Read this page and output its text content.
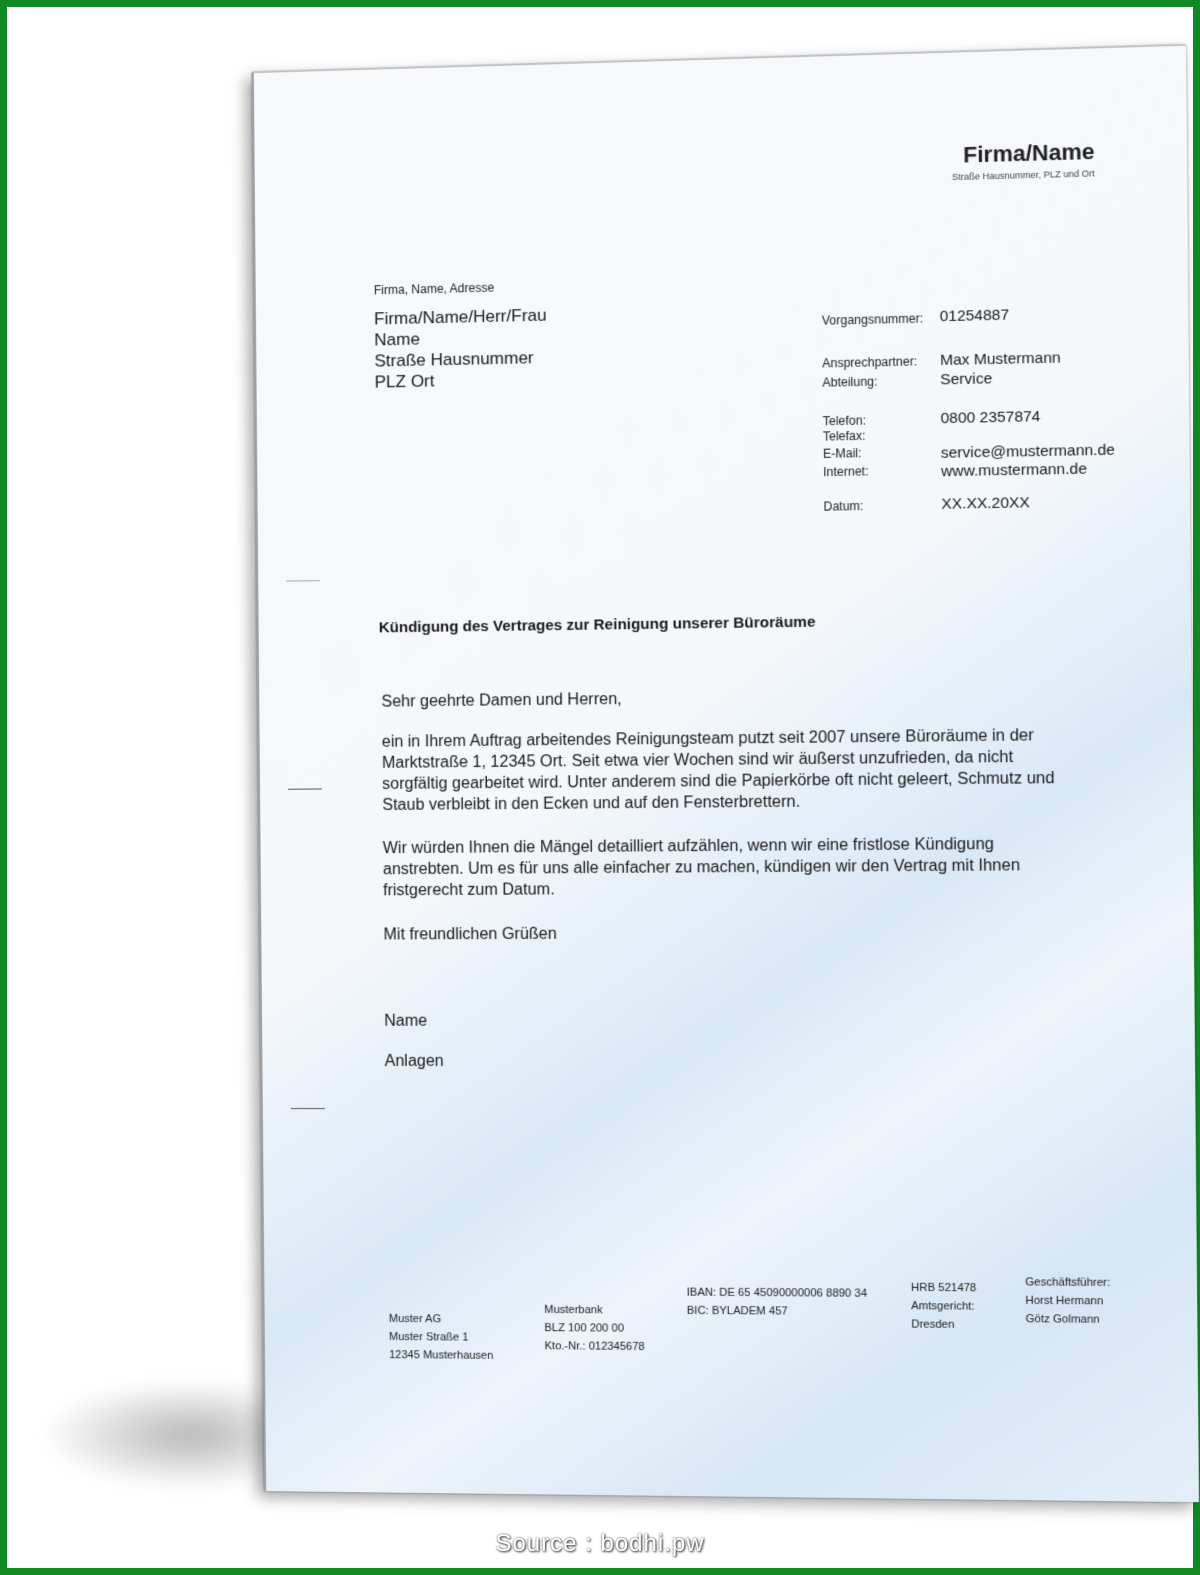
Firma/Name
Straße Hausnummer, PLZ und Ort
Firma, Name, Adresse
Firma/Name/Herr/Frau
Name
Straße Hausnummer
PLZ Ort
Vorgangsnummer: 01254887
Ansprechpartner: Max Mustermann
Abteilung:	Service
Telefon:	0800 2357874
Telefax:
E-Mail:	service@mustermann.de
Internet:	www.mustermann.de
Datum:	XX.XX.20XX
Kündigung des Vertrages zur Reinigung unserer Büroräume
Sehr geehrte Damen und Herren,
ein in Ihrem Auftrag arbeitendes Reinigungsteam putzt seit 2007 unsere Büroräume in der
Marktstraße 1, 12345 Ort. Seit etwa vier Wochen sind wir äußerst unzufrieden, da nicht
sorgfältig gearbeitet wird. Unter anderem sind die Papierkörbe oft nicht geleert, Schmutz und
Staub verbleibt in den Ecken und auf den Fensterbrettern.
Wir würden Ihnen die Mängel detailliert aufzählen, wenn wir eine fristlose Kündigung
anstrebten. Um es für uns alle einfacher zu machen, kündigen wir den Vertrag mit Ihnen
fristgerecht zum Datum.
Mit freundlichen Grüßen
Name
Anlagen
Muster AG
Muster Straße 1
12345 Musterhausen
Musterbank
BLZ 100 200 00
Kto.-Nr.: 012345678
IBAN: DE 65 45090000006 8890 34
BIC: BYLADEM 457
HRB 521478
Amtsgericht:
Dresden
Geschäftsführer:
Horst Hermann
Götz Golmann
Source : bodhi.pw
